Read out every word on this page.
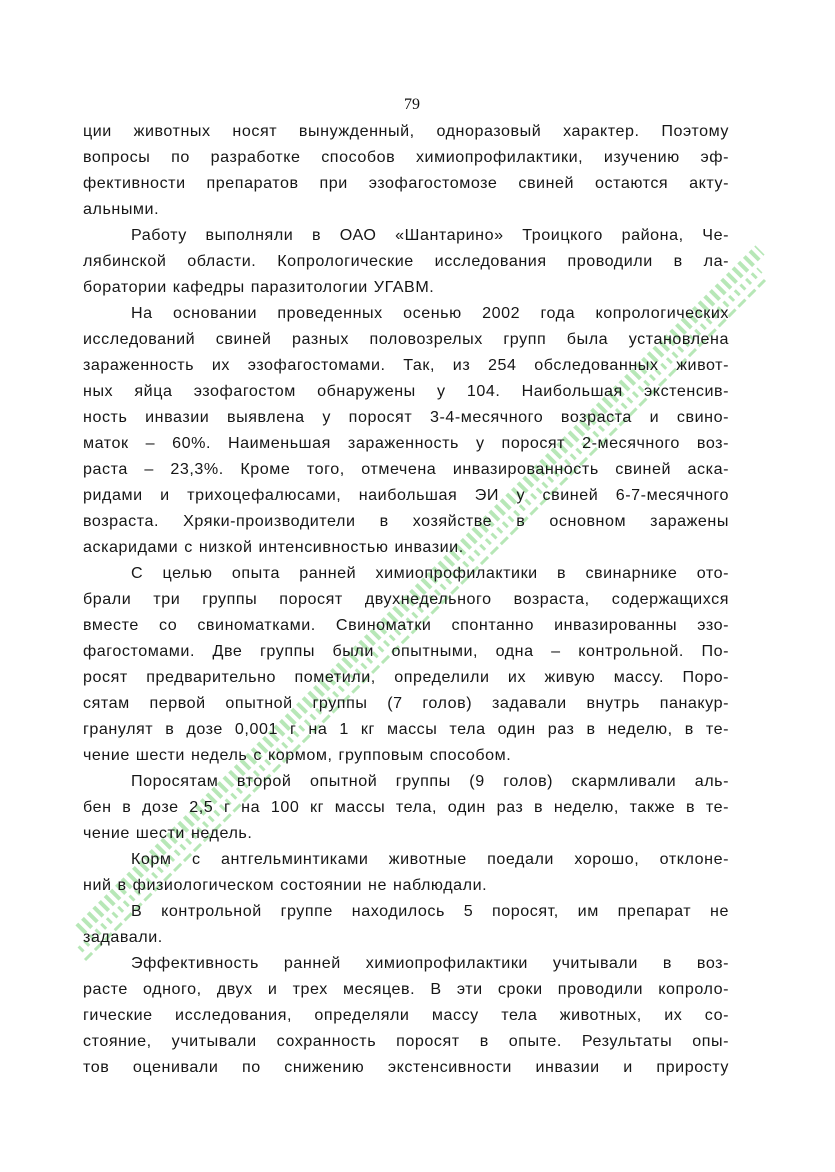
79
ции животных носят вынужденный, одноразовый характер. Поэтому
вопросы по разработке способов химиопрофилактики, изучению эф-
фективности препаратов при эзофагостомозе свиней остаются акту-
альными.
Работу выполняли в ОАО «Шантарино» Троицкого района, Че-
лябинской области. Копрологические исследования проводили в ла-
боратории кафедры паразитологии УГАВМ.
На основании проведенных осенью 2002 года копрологических
исследований свиней разных половозрелых групп была установлена
зараженность их эзофагостомами. Так, из 254 обследованных живот-
ных яйца эзофагостом обнаружены у 104. Наибольшая экстенсив-
ность инвазии выявлена у поросят 3-4-месячного возраста и свино-
маток – 60%. Наименьшая зараженность у поросят 2-месячного воз-
раста – 23,3%. Кроме того, отмечена инвазированность свиней аска-
ридами и трихоцефалюсами, наибольшая ЭИ у свиней 6-7-месячного
возраста. Хряки-производители в хозяйстве в основном заражены
аскаридами с низкой интенсивностью инвазии.
С целью опыта ранней химиопрофилактики в свинарнике ото-
брали три группы поросят двухнедельного возраста, содержащихся
вместе со свиноматками. Свиноматки спонтанно инвазированны эзо-
фагостомами. Две группы были опытными, одна – контрольной. По-
росят предварительно пометили, определили их живую массу. Поро-
сятам первой опытной группы (7 голов) задавали внутрь панакур-
гранулят в дозе 0,001 г на 1 кг массы тела один раз в неделю, в те-
чение шести недель с кормом, групповым способом.
Поросятам второй опытной группы (9 голов) скармливали аль-
бен в дозе 2,5 г на 100 кг массы тела, один раз в неделю, также в те-
чение шести недель.
Корм с антгельминтиками животные поедали хорошо, отклоне-
ний в физиологическом состоянии не наблюдали.
В контрольной группе находилось 5 поросят, им препарат не
задавали.
Эффективность ранней химиопрофилактики учитывали в воз-
расте одного, двух и трех месяцев. В эти сроки проводили копроло-
гические исследования, определяли массу тела животных, их со-
стояние, учитывали сохранность поросят в опыте. Результаты опы-
тов оценивали по снижению экстенсивности инвазии и приросту
